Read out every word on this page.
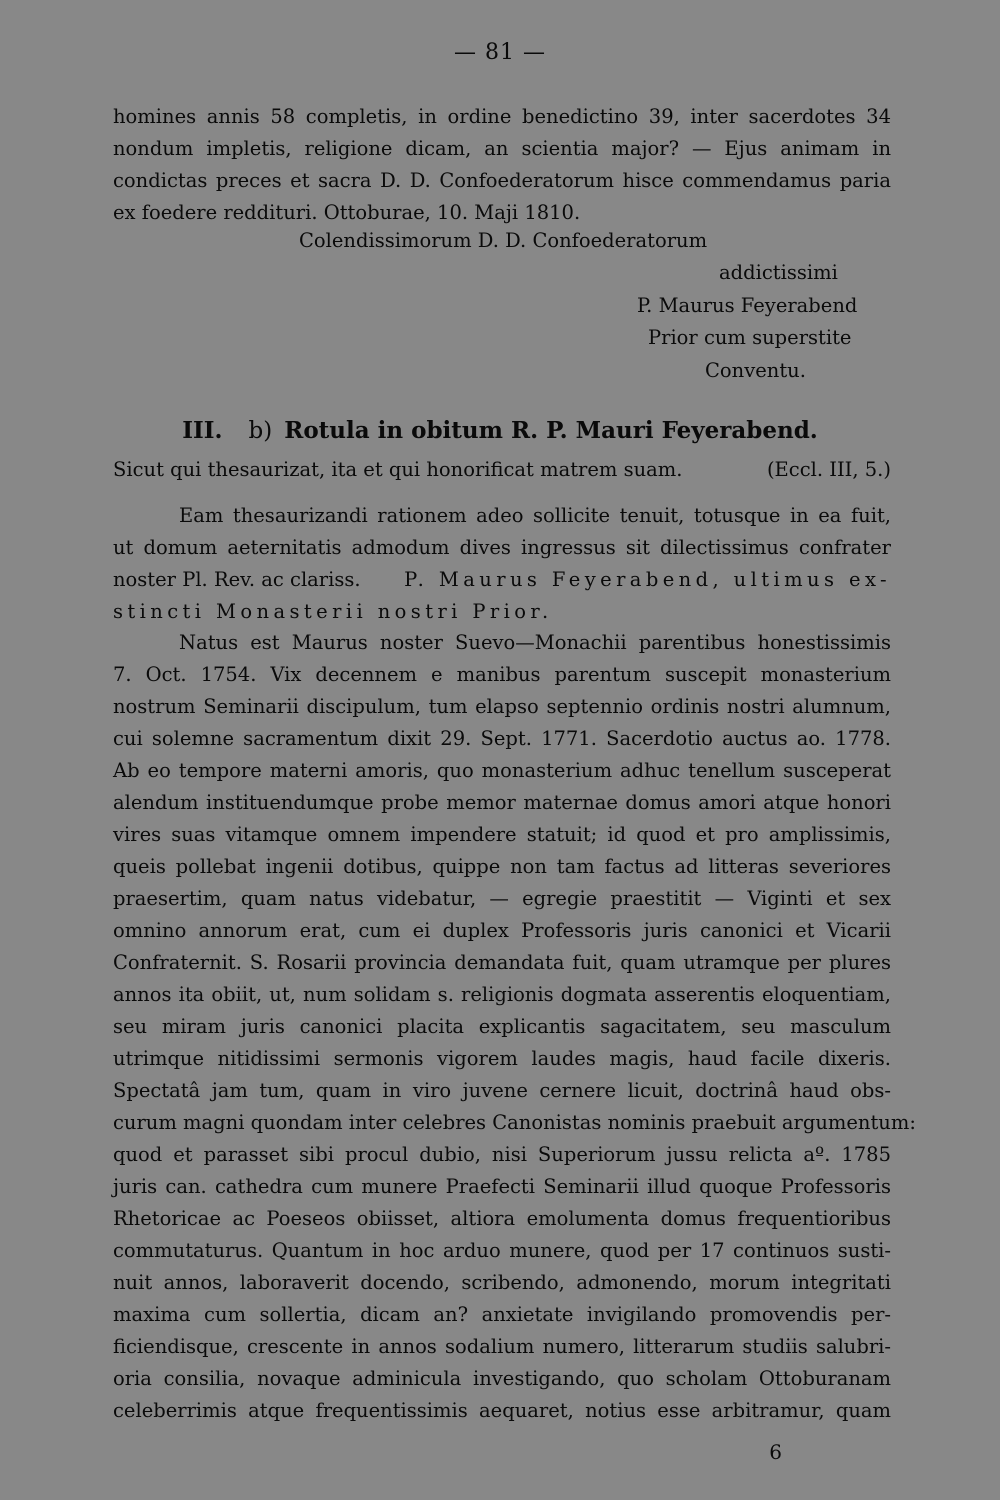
— 81 —
homines annis 58 completis, in ordine benedictino 39, inter sacerdotes 34
nondum impletis, religione dicam, an scientia major? — Ejus animam in
condictas preces et sacra D. D. Confoederatorum hisce commendamus paria
ex foedere reddituri. Ottoburae, 10. Maji 1810.
Colendissimorum D. D. Confoederatorum
addictissimi
P. Maurus Feyerabend
Prior cum superstite
Conventu.
III. b) Rotula in obitum R. P. Mauri Feyerabend.
Sicut qui thesaurizat, ita et qui honorificat matrem suam.	(Eccl. III, 5.)
Eam thesaurizandi rationem adeo sollicite tenuit, totusque in ea fuit,
ut domum aeternitatis admodum dives ingressus sit dilectissimus confrater
noster Pl. Rev. ac clariss. P. Maurus Feyerabend, ultimus ex-
stincti Monasterii nostri Prior.
Natus est Maurus noster Suevo—Monachii parentibus honestissimis
7. Oct. 1754. Vix decennem e manibus parentum suscepit monasterium
nostrum Seminarii discipulum, tum elapso septennio ordinis nostri alumnum,
cui solemne sacramentum dixit 29. Sept. 1771. Sacerdotio auctus ao. 1778.
Ab eo tempore materni amoris, quo monasterium adhuc tenellum susceperat
alendum instituendumque probe memor maternae domus amori atque honori
vires suas vitamque omnem impendere statuit; id quod et pro amplissimis,
queis pollebat ingenii dotibus, quippe non tam factus ad litteras severiores
praesertim, quam natus videbatur, — egregie praestitit — Viginti et sex
omnino annorum erat, cum ei duplex Professoris juris canonici et Vicarii
Confraternit. S. Rosarii provincia demandata fuit, quam utramque per plures
annos ita obiit, ut, num solidam s. religionis dogmata asserentis eloquentiam,
seu miram juris canonici placita explicantis sagacitatem, seu masculum
utrimque nitidissimi sermonis vigorem laudes magis, haud facile dixeris.
Spectatâ jam tum, quam in viro juvene cernere licuit, doctrinâ haud obs-
curum magni quondam inter celebres Canonistas nominis praebuit argumentum:
quod et parasset sibi procul dubio, nisi Superiorum jussu relicta aº. 1785
juris can. cathedra cum munere Praefecti Seminarii illud quoque Professoris
Rhetoricae ac Poeseos obiisset, altiora emolumenta domus frequentioribus
commutaturus. Quantum in hoc arduo munere, quod per 17 continuos susti-
nuit annos, laboraverit docendo, scribendo, admonendo, morum integritati
maxima cum sollertia, dicam an? anxietate invigilando promovendis per-
ficiendisque, crescente in annos sodalium numero, litterarum studiis salubri-
oria consilia, novaque adminicula investigando, quo scholam Ottoburanam
celeberrimis atque frequentissimis aequaret, notius esse arbitramur, quam
6
